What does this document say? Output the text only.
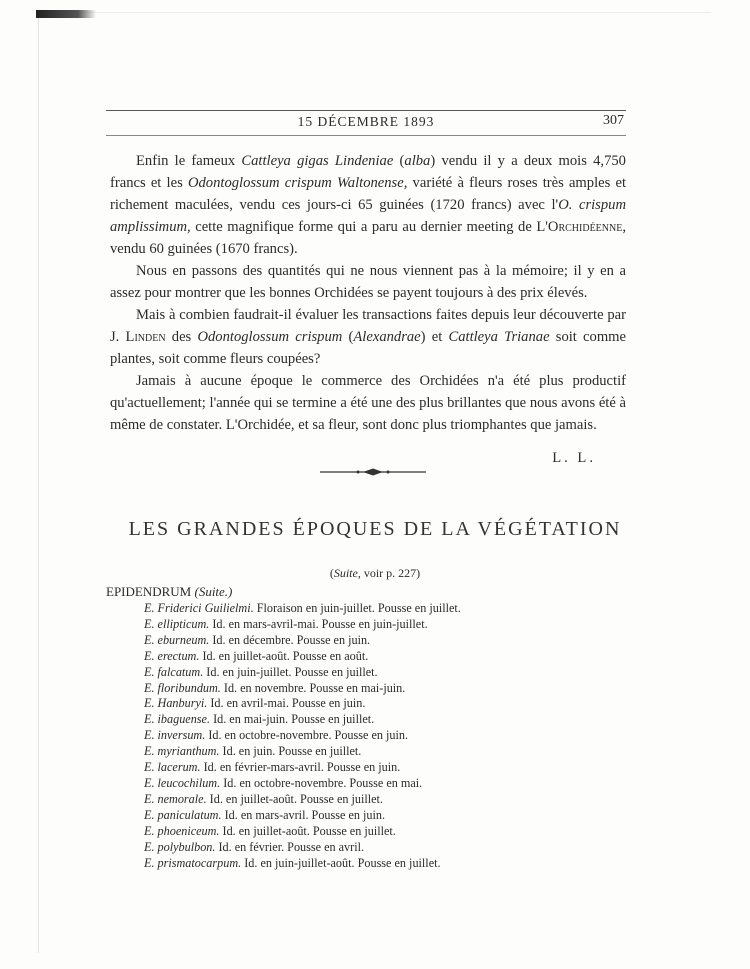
15 DÉCEMBRE 1893	307

Enfin le fameux Cattleya gigas Lindeniae (alba) vendu il y a deux mois 4,750 francs et les Odontoglossum crispum Waltonense, variété à fleurs roses très amples et richement maculées, vendu ces jours-ci 65 guinées (1720 francs) avec l'O. crispum amplissimum, cette magnifique forme qui a paru au dernier meeting de L'Orchidéenne, vendu 60 guinées (1670 francs).

Nous en passons des quantités qui ne nous viennent pas à la mémoire; il y en a assez pour montrer que les bonnes Orchidées se payent toujours à des prix élevés.

Mais à combien faudrait-il évaluer les transactions faites depuis leur découverte par J. Linden des Odontoglossum crispum (Alexandrae) et Cattleya Trianae soit comme plantes, soit comme fleurs coupées?

Jamais à aucune époque le commerce des Orchidées n'a été plus productif qu'actuellement; l'année qui se termine a été une des plus brillantes que nous avons été à même de constater. L'Orchidée, et sa fleur, sont donc plus triomphantes que jamais.

L. L.
LES GRANDES ÉPOQUES DE LA VÉGÉTATION
(Suite, voir p. 227)
EPIDENDRUM (Suite.)
E. Friderici Guilielmi. Floraison en juin-juillet. Pousse en juillet.
E. ellipticum. Id. en mars-avril-mai. Pousse en juin-juillet.
E. eburneum. Id. en décembre. Pousse en juin.
E. erectum. Id. en juillet-août. Pousse en août.
E. falcatum. Id. en juin-juillet. Pousse en juillet.
E. floribundum. Id. en novembre. Pousse en mai-juin.
E. Hanburyi. Id. en avril-mai. Pousse en juin.
E. ibaguense. Id. en mai-juin. Pousse en juillet.
E. inversum. Id. en octobre-novembre. Pousse en juin.
E. myrianthum. Id. en juin. Pousse en juillet.
E. lacerum. Id. en février-mars-avril. Pousse en juin.
E. leucochilum. Id. en octobre-novembre. Pousse en mai.
E. nemorale. Id. en juillet-août. Pousse en juillet.
E. paniculatum. Id. en mars-avril. Pousse en juin.
E. phoeniceum. Id. en juillet-août. Pousse en juillet.
E. polybulbon. Id. en février. Pousse en avril.
E. prismatocarpum. Id. en juin-juillet-août. Pousse en juillet.
